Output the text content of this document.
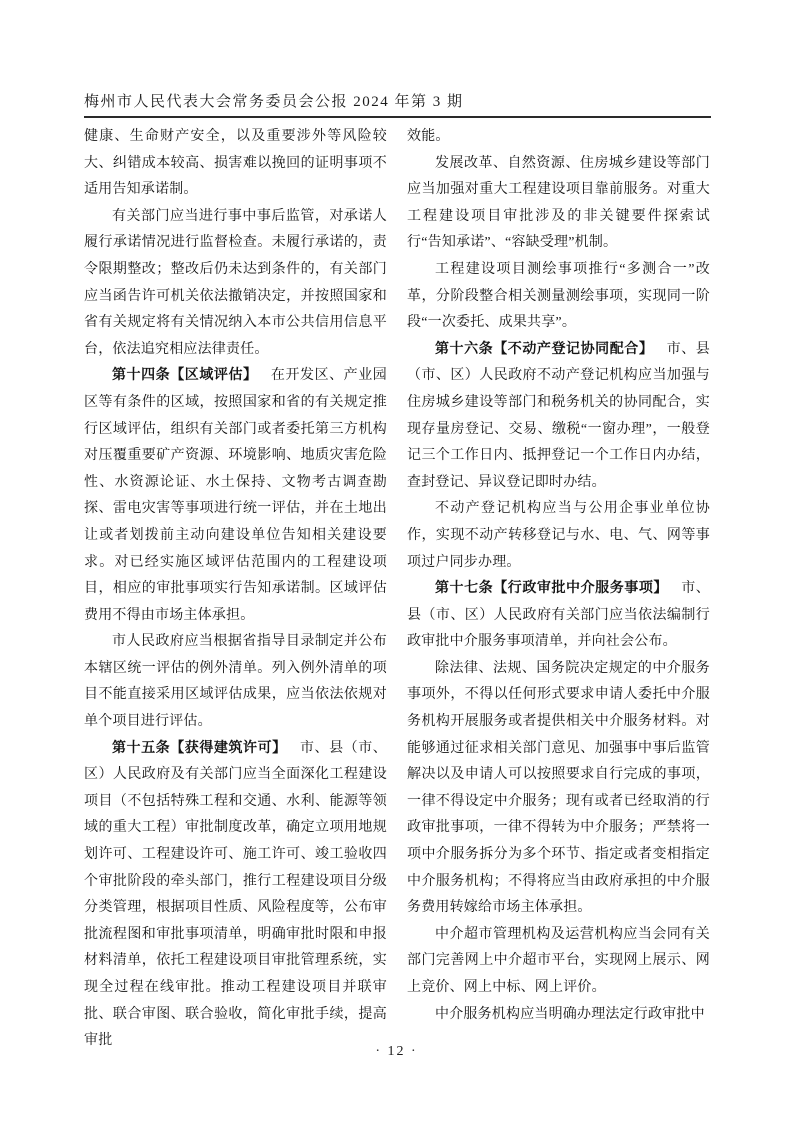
梅州市人民代表大会常务委员会公报 2024 年第 3 期

健康、生命财产安全，以及重要涉外等风险较大、纠错成本较高、损害难以挽回的证明事项不适用告知承诺制。

有关部门应当进行事中事后监管，对承诺人履行承诺情况进行监督检查。未履行承诺的，责令限期整改；整改后仍未达到条件的，有关部门应当函告许可机关依法撤销决定，并按照国家和省有关规定将有关情况纳入本市公共信用信息平台，依法追究相应法律责任。

第十四条【区域评估】 在开发区、产业园区等有条件的区域，按照国家和省的有关规定推行区域评估，组织有关部门或者委托第三方机构对压覆重要矿产资源、环境影响、地质灾害危险性、水资源论证、水土保持、文物考古调查勘探、雷电灾害等事项进行统一评估，并在土地出让或者划拨前主动向建设单位告知相关建设要求。对已经实施区域评估范围内的工程建设项目，相应的审批事项实行告知承诺制。区域评估费用不得由市场主体承担。

市人民政府应当根据省指导目录制定并公布本辖区统一评估的例外清单。列入例外清单的项目不能直接采用区域评估成果，应当依法依规对单个项目进行评估。

第十五条【获得建筑许可】 市、县（市、区）人民政府及有关部门应当全面深化工程建设项目（不包括特殊工程和交通、水利、能源等领域的重大工程）审批制度改革，确定立项用地规划许可、工程建设许可、施工许可、竣工验收四个审批阶段的牵头部门，推行工程建设项目分级分类管理，根据项目性质、风险程度等，公布审批流程图和审批事项清单，明确审批时限和申报材料清单，依托工程建设项目审批管理系统，实现全过程在线审批。推动工程建设项目并联审批、联合审图、联合验收，简化审批手续，提高审批

效能。

发展改革、自然资源、住房城乡建设等部门应当加强对重大工程建设项目靠前服务。对重大工程建设项目审批涉及的非关键要件探索试行“告知承诺”、“容缺受理”机制。

工程建设项目测绘事项推行“多测合一”改革，分阶段整合相关测量测绘事项，实现同一阶段“一次委托、成果共享”。

第十六条【不动产登记协同配合】 市、县（市、区）人民政府不动产登记机构应当加强与住房城乡建设等部门和税务机关的协同配合，实现存量房登记、交易、缴税“一窗办理”，一般登记三个工作日内、抵押登记一个工作日内办结，查封登记、异议登记即时办结。

不动产登记机构应当与公用企事业单位协作，实现不动产转移登记与水、电、气、网等事项过户同步办理。

第十七条【行政审批中介服务事项】 市、县（市、区）人民政府有关部门应当依法编制行政审批中介服务事项清单，并向社会公布。

除法律、法规、国务院决定规定的中介服务事项外，不得以任何形式要求申请人委托中介服务机构开展服务或者提供相关中介服务材料。对能够通过征求相关部门意见、加强事中事后监管解决以及申请人可以按照要求自行完成的事项，一律不得设定中介服务；现有或者已经取消的行政审批事项，一律不得转为中介服务；严禁将一项中介服务拆分为多个环节、指定或者变相指定中介服务机构；不得将应当由政府承担的中介服务费用转嫁给市场主体承担。

中介超市管理机构及运营机构应当会同有关部门完善网上中介超市平台，实现网上展示、网上竞价、网上中标、网上评价。

中介服务机构应当明确办理法定行政审批中

· 12 ·
